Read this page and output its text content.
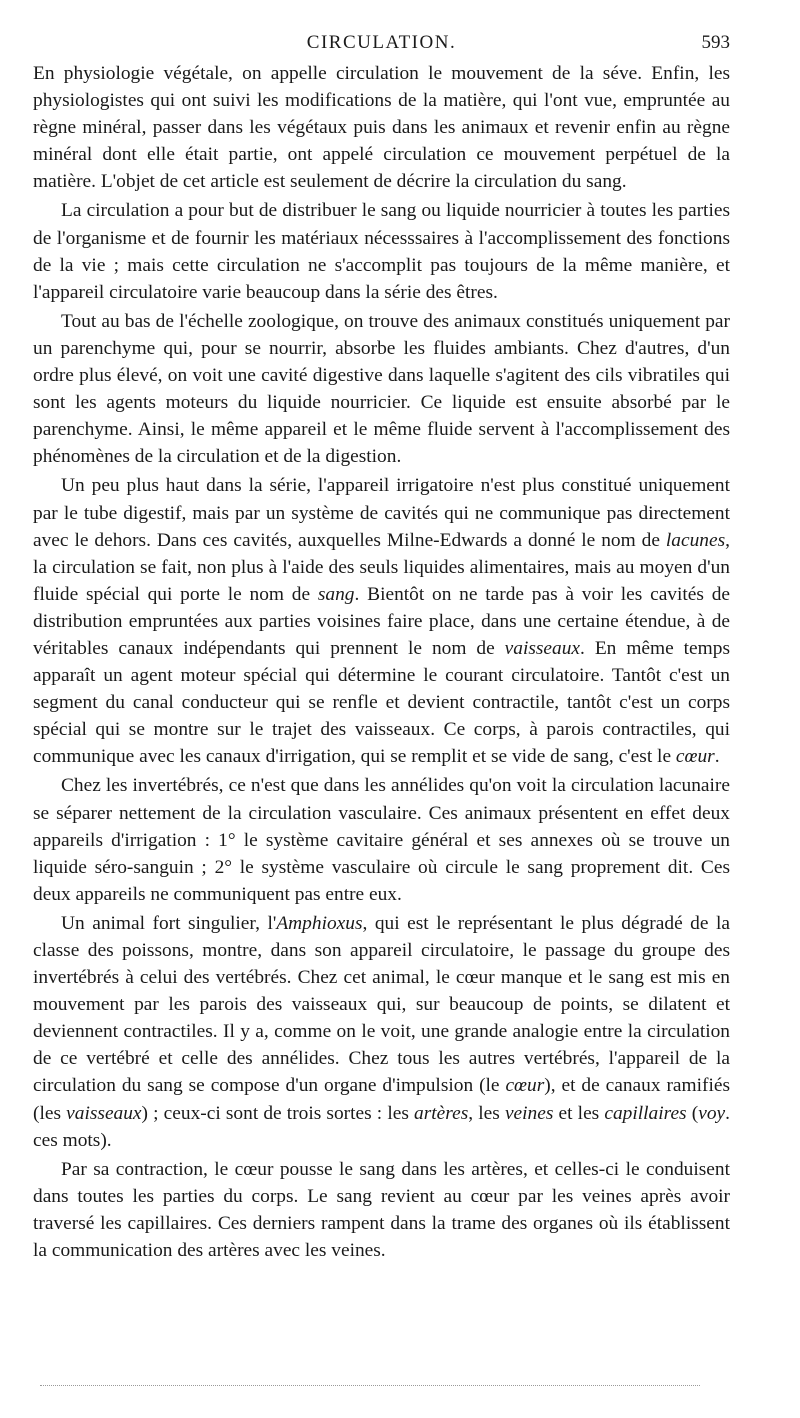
CIRCULATION.	593

En physiologie végétale, on appelle circulation le mouvement de la séve. Enfin, les physiologistes qui ont suivi les modifications de la matière, qui l'ont vue, empruntée au règne minéral, passer dans les végétaux puis dans les animaux et revenir enfin au règne minéral dont elle était partie, ont appelé circulation ce mouvement perpétuel de la matière. L'objet de cet article est seulement de décrire la circulation du sang.

La circulation a pour but de distribuer le sang ou liquide nourricier à toutes les parties de l'organisme et de fournir les matériaux nécesssaires à l'accomplissement des fonctions de la vie ; mais cette circulation ne s'accomplit pas toujours de la même manière, et l'appareil circulatoire varie beaucoup dans la série des êtres.

Tout au bas de l'échelle zoologique, on trouve des animaux constitués uniquement par un parenchyme qui, pour se nourrir, absorbe les fluides ambiants. Chez d'autres, d'un ordre plus élevé, on voit une cavité digestive dans laquelle s'agitent des cils vibratiles qui sont les agents moteurs du liquide nourricier. Ce liquide est ensuite absorbé par le parenchyme. Ainsi, le même appareil et le même fluide servent à l'accomplissement des phénomènes de la circulation et de la digestion.

Un peu plus haut dans la série, l'appareil irrigatoire n'est plus constitué uniquement par le tube digestif, mais par un système de cavités qui ne communique pas directement avec le dehors. Dans ces cavités, auxquelles Milne-Edwards a donné le nom de lacunes, la circulation se fait, non plus à l'aide des seuls liquides alimentaires, mais au moyen d'un fluide spécial qui porte le nom de sang. Bientôt on ne tarde pas à voir les cavités de distribution empruntées aux parties voisines faire place, dans une certaine étendue, à de véritables canaux indépendants qui prennent le nom de vaisseaux. En même temps apparaît un agent moteur spécial qui détermine le courant circulatoire. Tantôt c'est un segment du canal conducteur qui se renfle et devient contractile, tantôt c'est un corps spécial qui se montre sur le trajet des vaisseaux. Ce corps, à parois contractiles, qui communique avec les canaux d'irrigation, qui se remplit et se vide de sang, c'est le cœur.

Chez les invertébrés, ce n'est que dans les annélides qu'on voit la circulation lacunaire se séparer nettement de la circulation vasculaire. Ces animaux présentent en effet deux appareils d'irrigation : 1° le système cavitaire général et ses annexes où se trouve un liquide séro-sanguin ; 2° le système vasculaire où circule le sang proprement dit. Ces deux appareils ne communiquent pas entre eux.

Un animal fort singulier, l'Amphioxus, qui est le représentant le plus dégradé de la classe des poissons, montre, dans son appareil circulatoire, le passage du groupe des invertébrés à celui des vertébrés. Chez cet animal, le cœur manque et le sang est mis en mouvement par les parois des vaisseaux qui, sur beaucoup de points, se dilatent et deviennent contractiles. Il y a, comme on le voit, une grande analogie entre la circulation de ce vertébré et celle des annélides. Chez tous les autres vertébrés, l'appareil de la circulation du sang se compose d'un organe d'impulsion (le cœur), et de canaux ramifiés (les vaisseaux) ; ceux-ci sont de trois sortes : les artères, les veines et les capillaires (voy. ces mots).

Par sa contraction, le cœur pousse le sang dans les artères, et celles-ci le conduisent dans toutes les parties du corps. Le sang revient au cœur par les veines après avoir traversé les capillaires. Ces derniers rampent dans la trame des organes où ils établissent la communication des artères avec les veines.
